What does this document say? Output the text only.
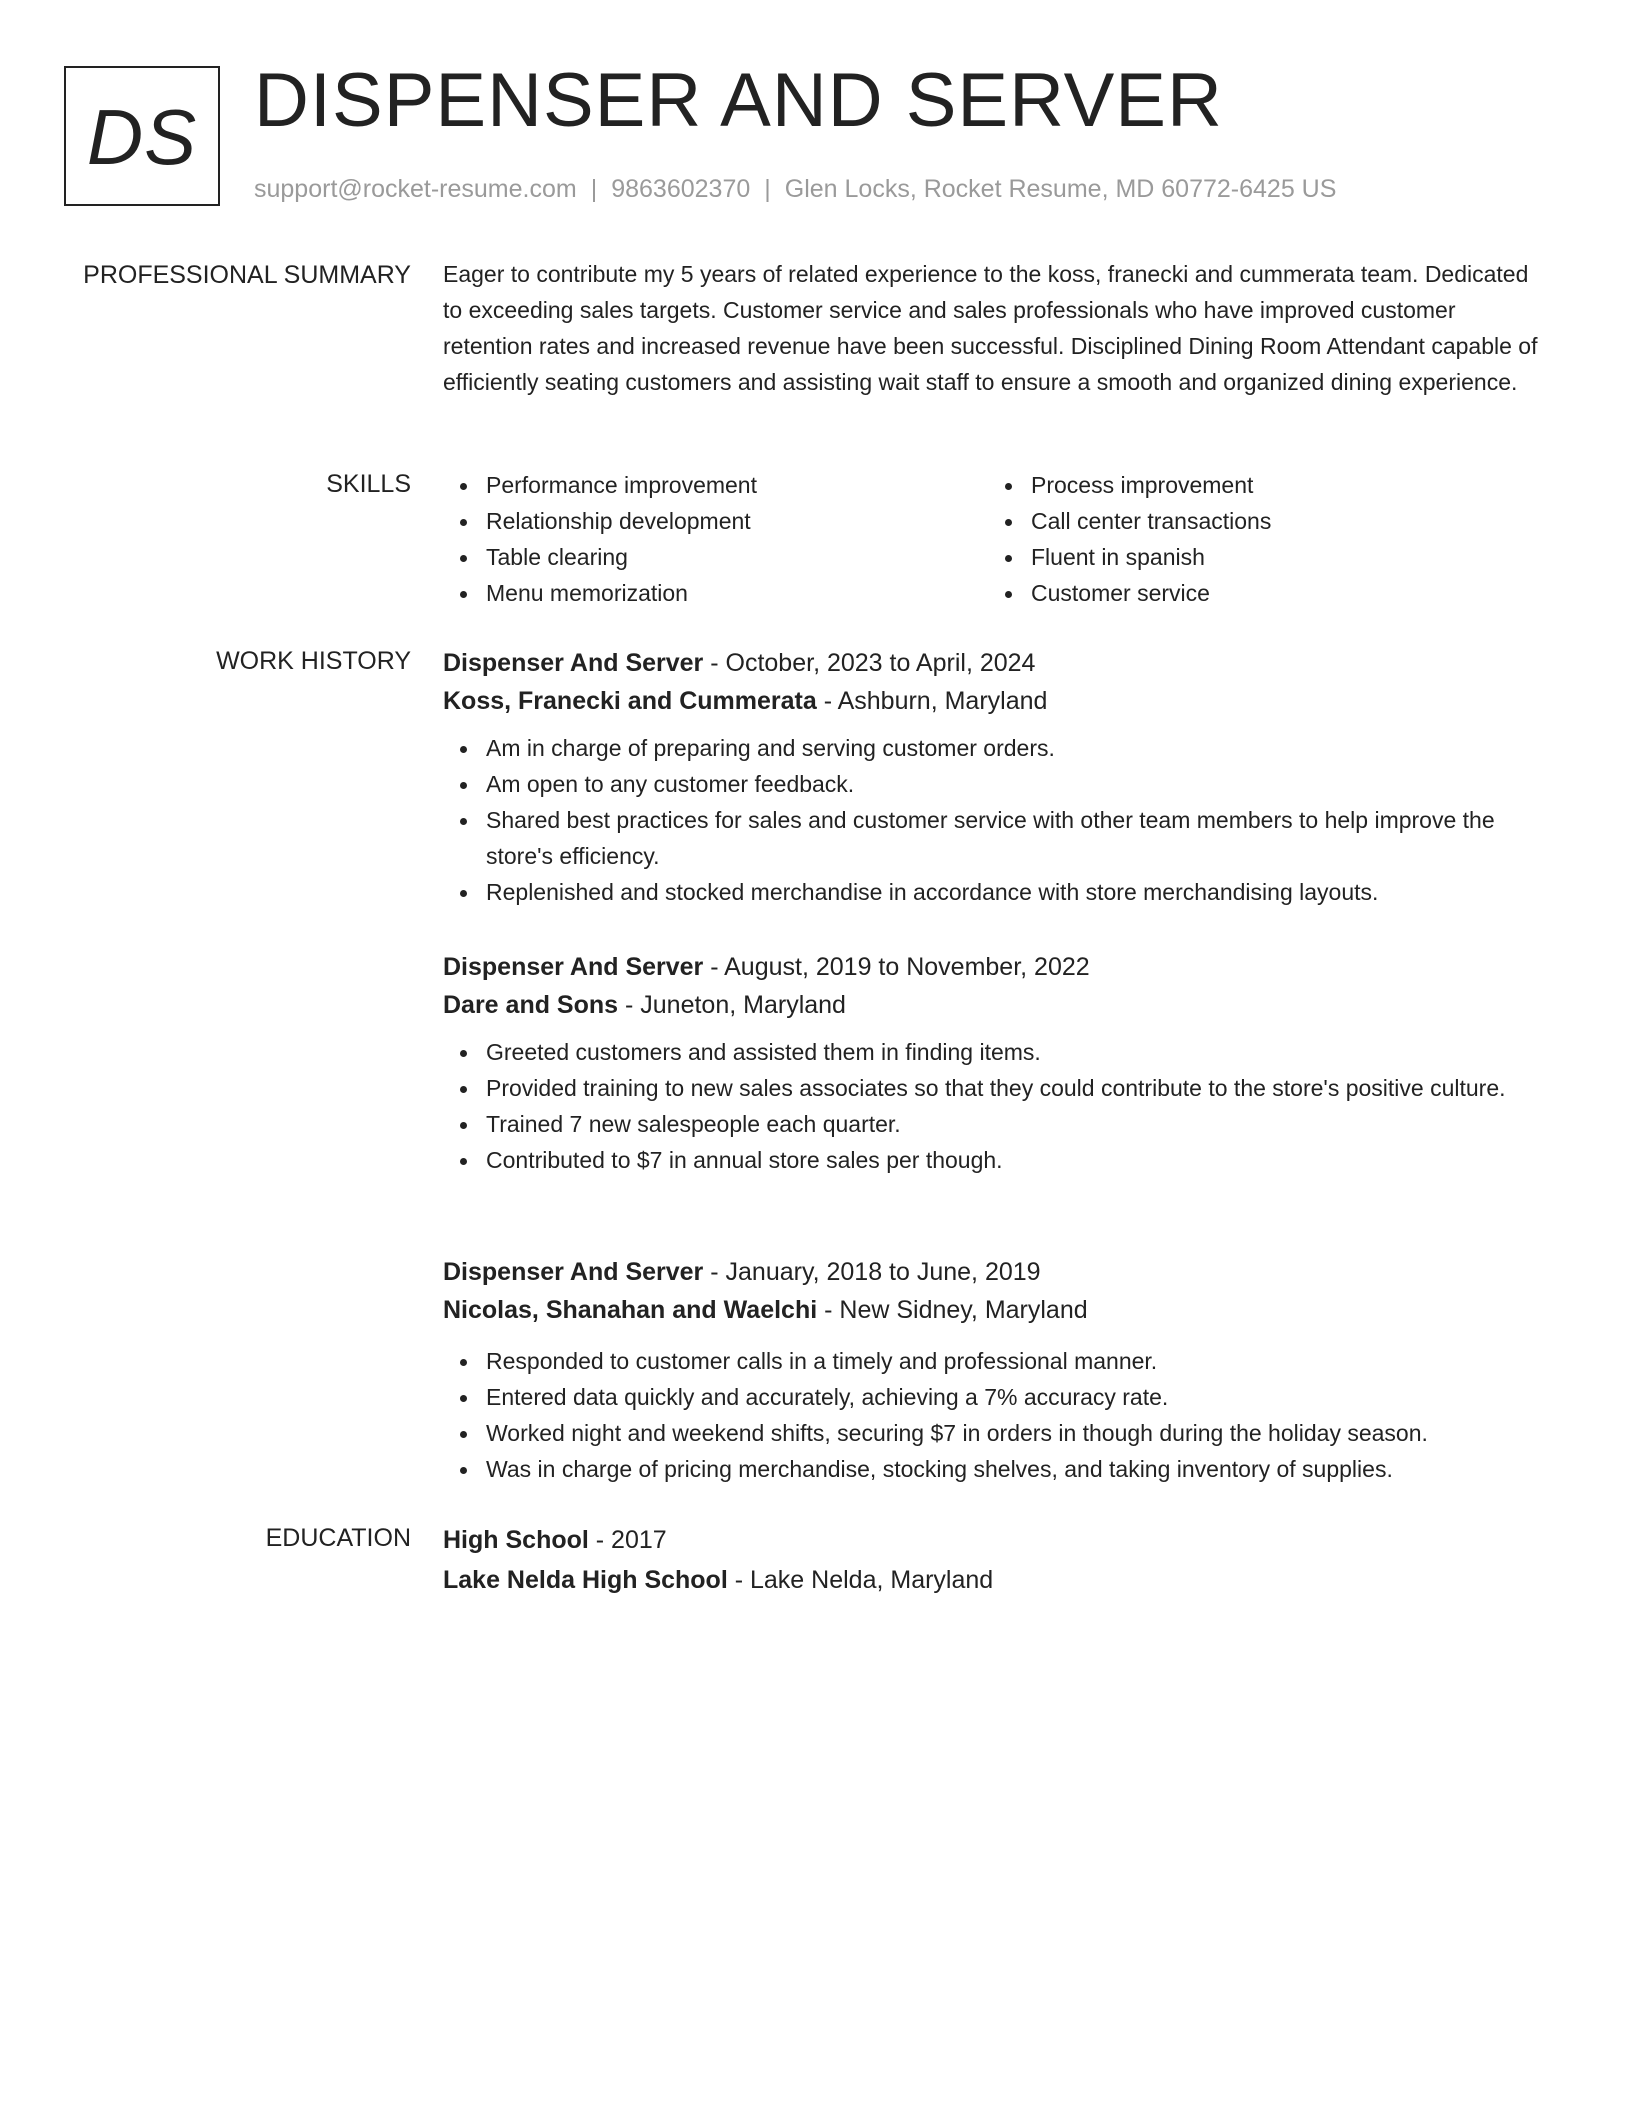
DS DISPENSER AND SERVER
support@rocket-resume.com | 9863602370 | Glen Locks, Rocket Resume, MD 60772-6425 US
PROFESSIONAL SUMMARY Eager to contribute my 5 years of related experience to the koss, franecki and cummerata team. Dedicated to exceeding sales targets. Customer service and sales professionals who have improved customer retention rates and increased revenue have been successful. Disciplined Dining Room Attendant capable of efficiently seating customers and assisting wait staff to ensure a smooth and organized dining experience.

SKILLS	Performance improvement
Relationship development
Table clearing
Menu memorization
Process improvement
Call center transactions
Fluent in spanish
Customer service
WORK HISTORY Dispenser And Server - October, 2023 to April, 2024
Koss, Franecki and Cummerata - Ashburn, Maryland
Am in charge of preparing and serving customer orders.
Am open to any customer feedback.
Shared best practices for sales and customer service with other team members to help improve the store's efficiency.
Replenished and stocked merchandise in accordance with store merchandising layouts.
Dispenser And Server - August, 2019 to November, 2022
Dare and Sons - Juneton, Maryland
Greeted customers and assisted them in finding items.
Provided training to new sales associates so that they could contribute to the store's positive culture.
Trained 7 new salespeople each quarter.
Contributed to $7 in annual store sales per though.
Dispenser And Server - January, 2018 to June, 2019
Nicolas, Shanahan and Waelchi - New Sidney, Maryland
Responded to customer calls in a timely and professional manner.
Entered data quickly and accurately, achieving a 7% accuracy rate.
Worked night and weekend shifts, securing $7 in orders in though during the holiday season.
Was in charge of pricing merchandise, stocking shelves, and taking inventory of supplies.
EDUCATION High School - 2017
Lake Nelda High School - Lake Nelda, Maryland
